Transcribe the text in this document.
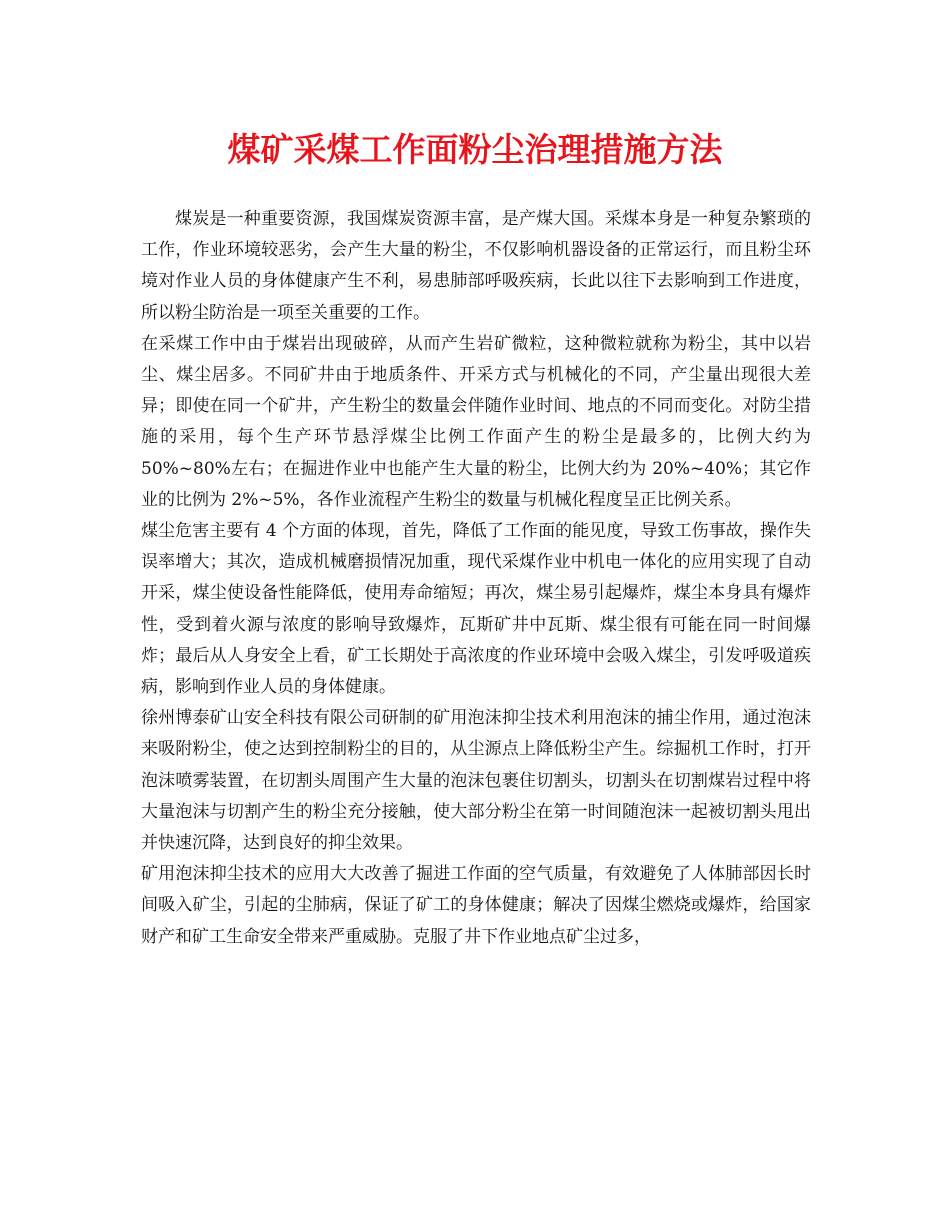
煤矿采煤工作面粉尘治理措施方法

煤炭是一种重要资源，我国煤炭资源丰富，是产煤大国。采煤本身是一种复杂繁琐的工作，作业环境较恶劣，会产生大量的粉尘，不仅影响机器设备的正常运行，而且粉尘环境对作业人员的身体健康产生不利，易患肺部呼吸疾病，长此以往下去影响到工作进度，所以粉尘防治是一项至关重要的工作。

在采煤工作中由于煤岩出现破碎，从而产生岩矿微粒，这种微粒就称为粉尘，其中以岩尘、煤尘居多。不同矿井由于地质条件、开采方式与机械化的不同，产尘量出现很大差异；即使在同一个矿井，产生粉尘的数量会伴随作业时间、地点的不同而变化。对防尘措施的采用，每个生产环节悬浮煤尘比例工作面产生的粉尘是最多的，比例大约为 50%~80%左右；在掘进作业中也能产生大量的粉尘，比例大约为 20%~40%；其它作业的比例为 2%~5%，各作业流程产生粉尘的数量与机械化程度呈正比例关系。

煤尘危害主要有 4 个方面的体现，首先，降低了工作面的能见度，导致工伤事故，操作失误率增大；其次，造成机械磨损情况加重，现代采煤作业中机电一体化的应用实现了自动开采，煤尘使设备性能降低，使用寿命缩短；再次，煤尘易引起爆炸，煤尘本身具有爆炸性，受到着火源与浓度的影响导致爆炸，瓦斯矿井中瓦斯、煤尘很有可能在同一时间爆炸；最后从人身安全上看，矿工长期处于高浓度的作业环境中会吸入煤尘，引发呼吸道疾病，影响到作业人员的身体健康。

徐州博泰矿山安全科技有限公司研制的矿用泡沫抑尘技术利用泡沫的捕尘作用，通过泡沫来吸附粉尘，使之达到控制粉尘的目的，从尘源点上降低粉尘产生。综掘机工作时，打开泡沫喷雾装置，在切割头周围产生大量的泡沫包裹住切割头，切割头在切割煤岩过程中将大量泡沫与切割产生的粉尘充分接触，使大部分粉尘在第一时间随泡沫一起被切割头甩出并快速沉降，达到良好的抑尘效果。

矿用泡沫抑尘技术的应用大大改善了掘进工作面的空气质量，有效避免了人体肺部因长时间吸入矿尘，引起的尘肺病，保证了矿工的身体健康；解决了因煤尘燃烧或爆炸，给国家财产和矿工生命安全带来严重威胁。克服了井下作业地点矿尘过多，
